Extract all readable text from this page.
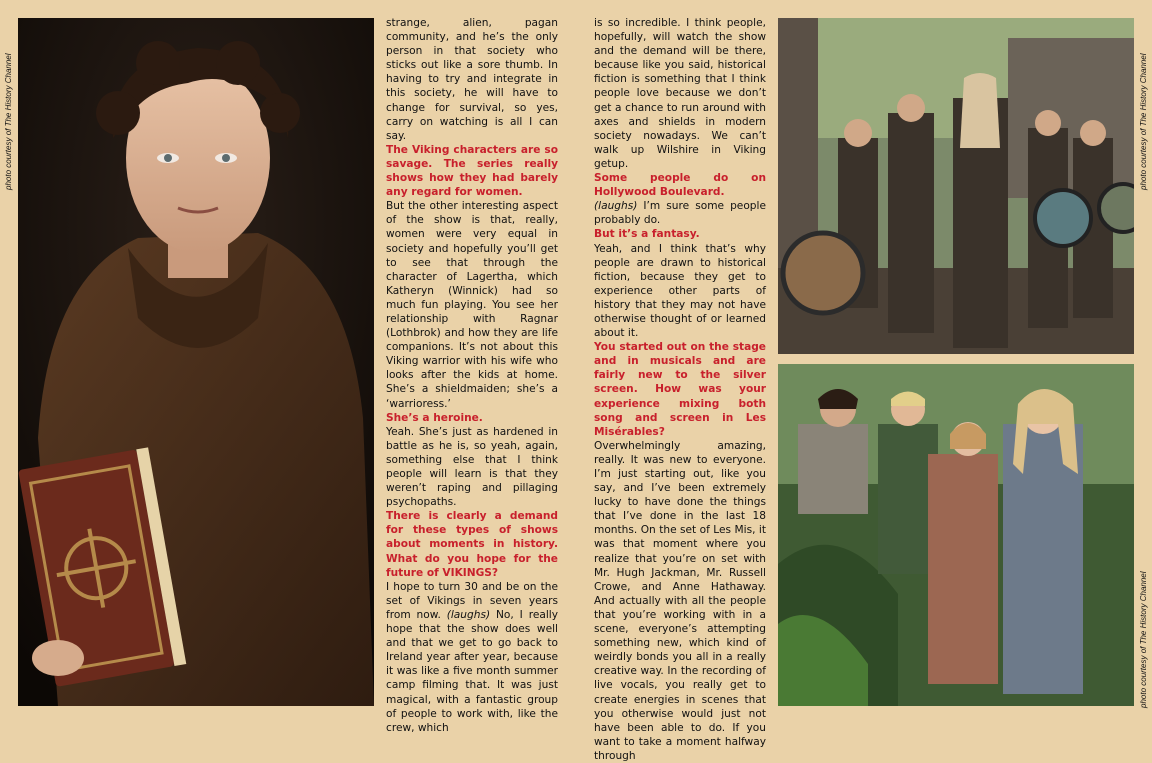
photo courtesy of The History Channel	photo courtesy of The History Channel
photo courtesy of The History Channel

strange, alien, pagan community, and he’s the only person in that society who sticks out like a sore thumb. In having to try and integrate in this society, he will have to change for survival, so yes, carry on watching is all I can say.

The Viking characters are so savage. The series really shows how they had barely any regard for women.

But the other interesting aspect of the show is that, really, women were very equal in society and hopefully you’ll get to see that through the character of Lagertha, which Katheryn (Winnick) had so much fun playing. You see her relationship with Ragnar (Lothbrok) and how they are life companions. It’s not about this Viking warrior with his wife who looks after the kids at home. She’s a shieldmaiden; she’s a ‘warrioress.’

She’s a heroine.

Yeah. She’s just as hardened in battle as he is, so yeah, again, something else that I think people will learn is that they weren’t raping and pillaging psychopaths.

There is clearly a demand for these types of shows about moments in history. What do you hope for the future of VIKINGS?

I hope to turn 30 and be on the set of Vikings in seven years from now. (laughs) No, I really hope that the show does well and that we get to go back to Ireland year after year, because it was like a five month summer camp filming that. It was just magical, with a fantastic group of people to work with, like the crew, which

is so incredible. I think people, hopefully, will watch the show and the demand will be there, because like you said, historical fiction is something that I think people love because we don’t get a chance to run around with axes and shields in modern society nowadays. We can’t walk up Wilshire in Viking getup.

Some people do on Hollywood Boulevard.

(laughs) I’m sure some people probably do.

But it’s a fantasy.

Yeah, and I think that’s why people are drawn to historical fiction, because they get to experience other parts of history that they may not have otherwise thought of or learned about it.

You started out on the stage and in musicals and are fairly new to the silver screen. How was your experience mixing both song and screen in Les Misérables?

Overwhelmingly amazing, really. It was new to everyone. I’m just starting out, like you say, and I’ve been extremely lucky to have done the things that I’ve done in the last 18 months. On the set of Les Mis, it was that moment where you realize that you’re on set with Mr. Hugh Jackman, Mr. Russell Crowe, and Anne Hathaway. And actually with all the people that you’re working with in a scene, everyone’s attempting something new, which kind of weirdly bonds you all in a really creative way. In the recording of live vocals, you really get to create energies in scenes that you otherwise would just not have been able to do. If you want to take a moment halfway through
